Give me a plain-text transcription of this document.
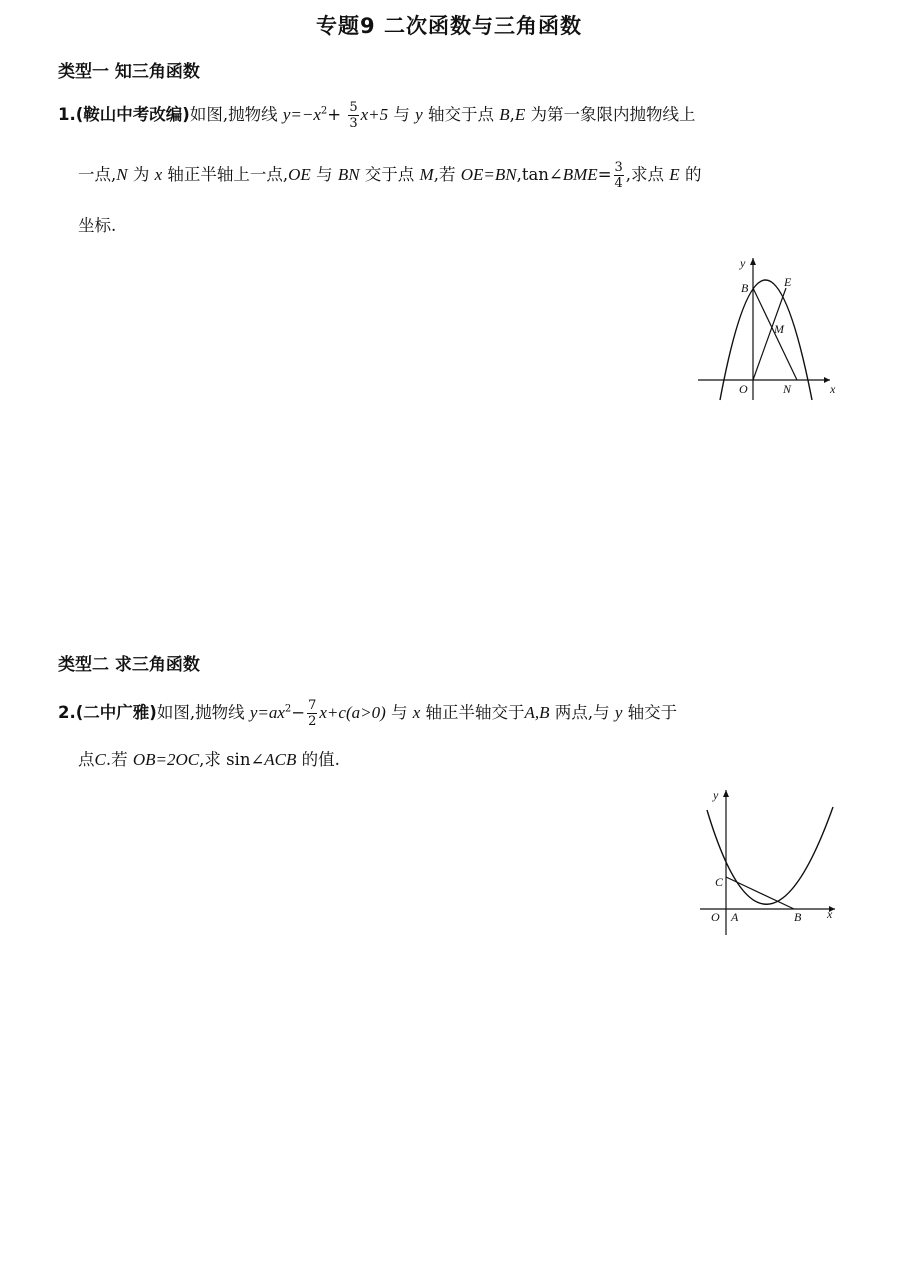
专题9 二次函数与三角函数
类型一 知三角函数
1.(鞍山中考改编)如图,抛物线 $y=-x^2+ \frac{5}{3} x+5$ 与 y 轴交于点 B,E 为第一象限内抛物线上
一点,N 为 x 轴正半轴上一点,OE 与 BN 交于点 M,若 OE=BN,tan∠BME= $\frac{3}{4}$ ,求点 E 的
坐标.
y
x
O
B	E
M
N
类型二 求三角函数
2.(二中广雅)如图,抛物线 $y=ax^2- \frac{7}{2} x+c(a>0)$ 与 x 轴正半轴交于A,B 两点,与 y 轴交于
点C.若 OB=2OC,求 sin∠ACB 的值.
y
x
O A	B
C
